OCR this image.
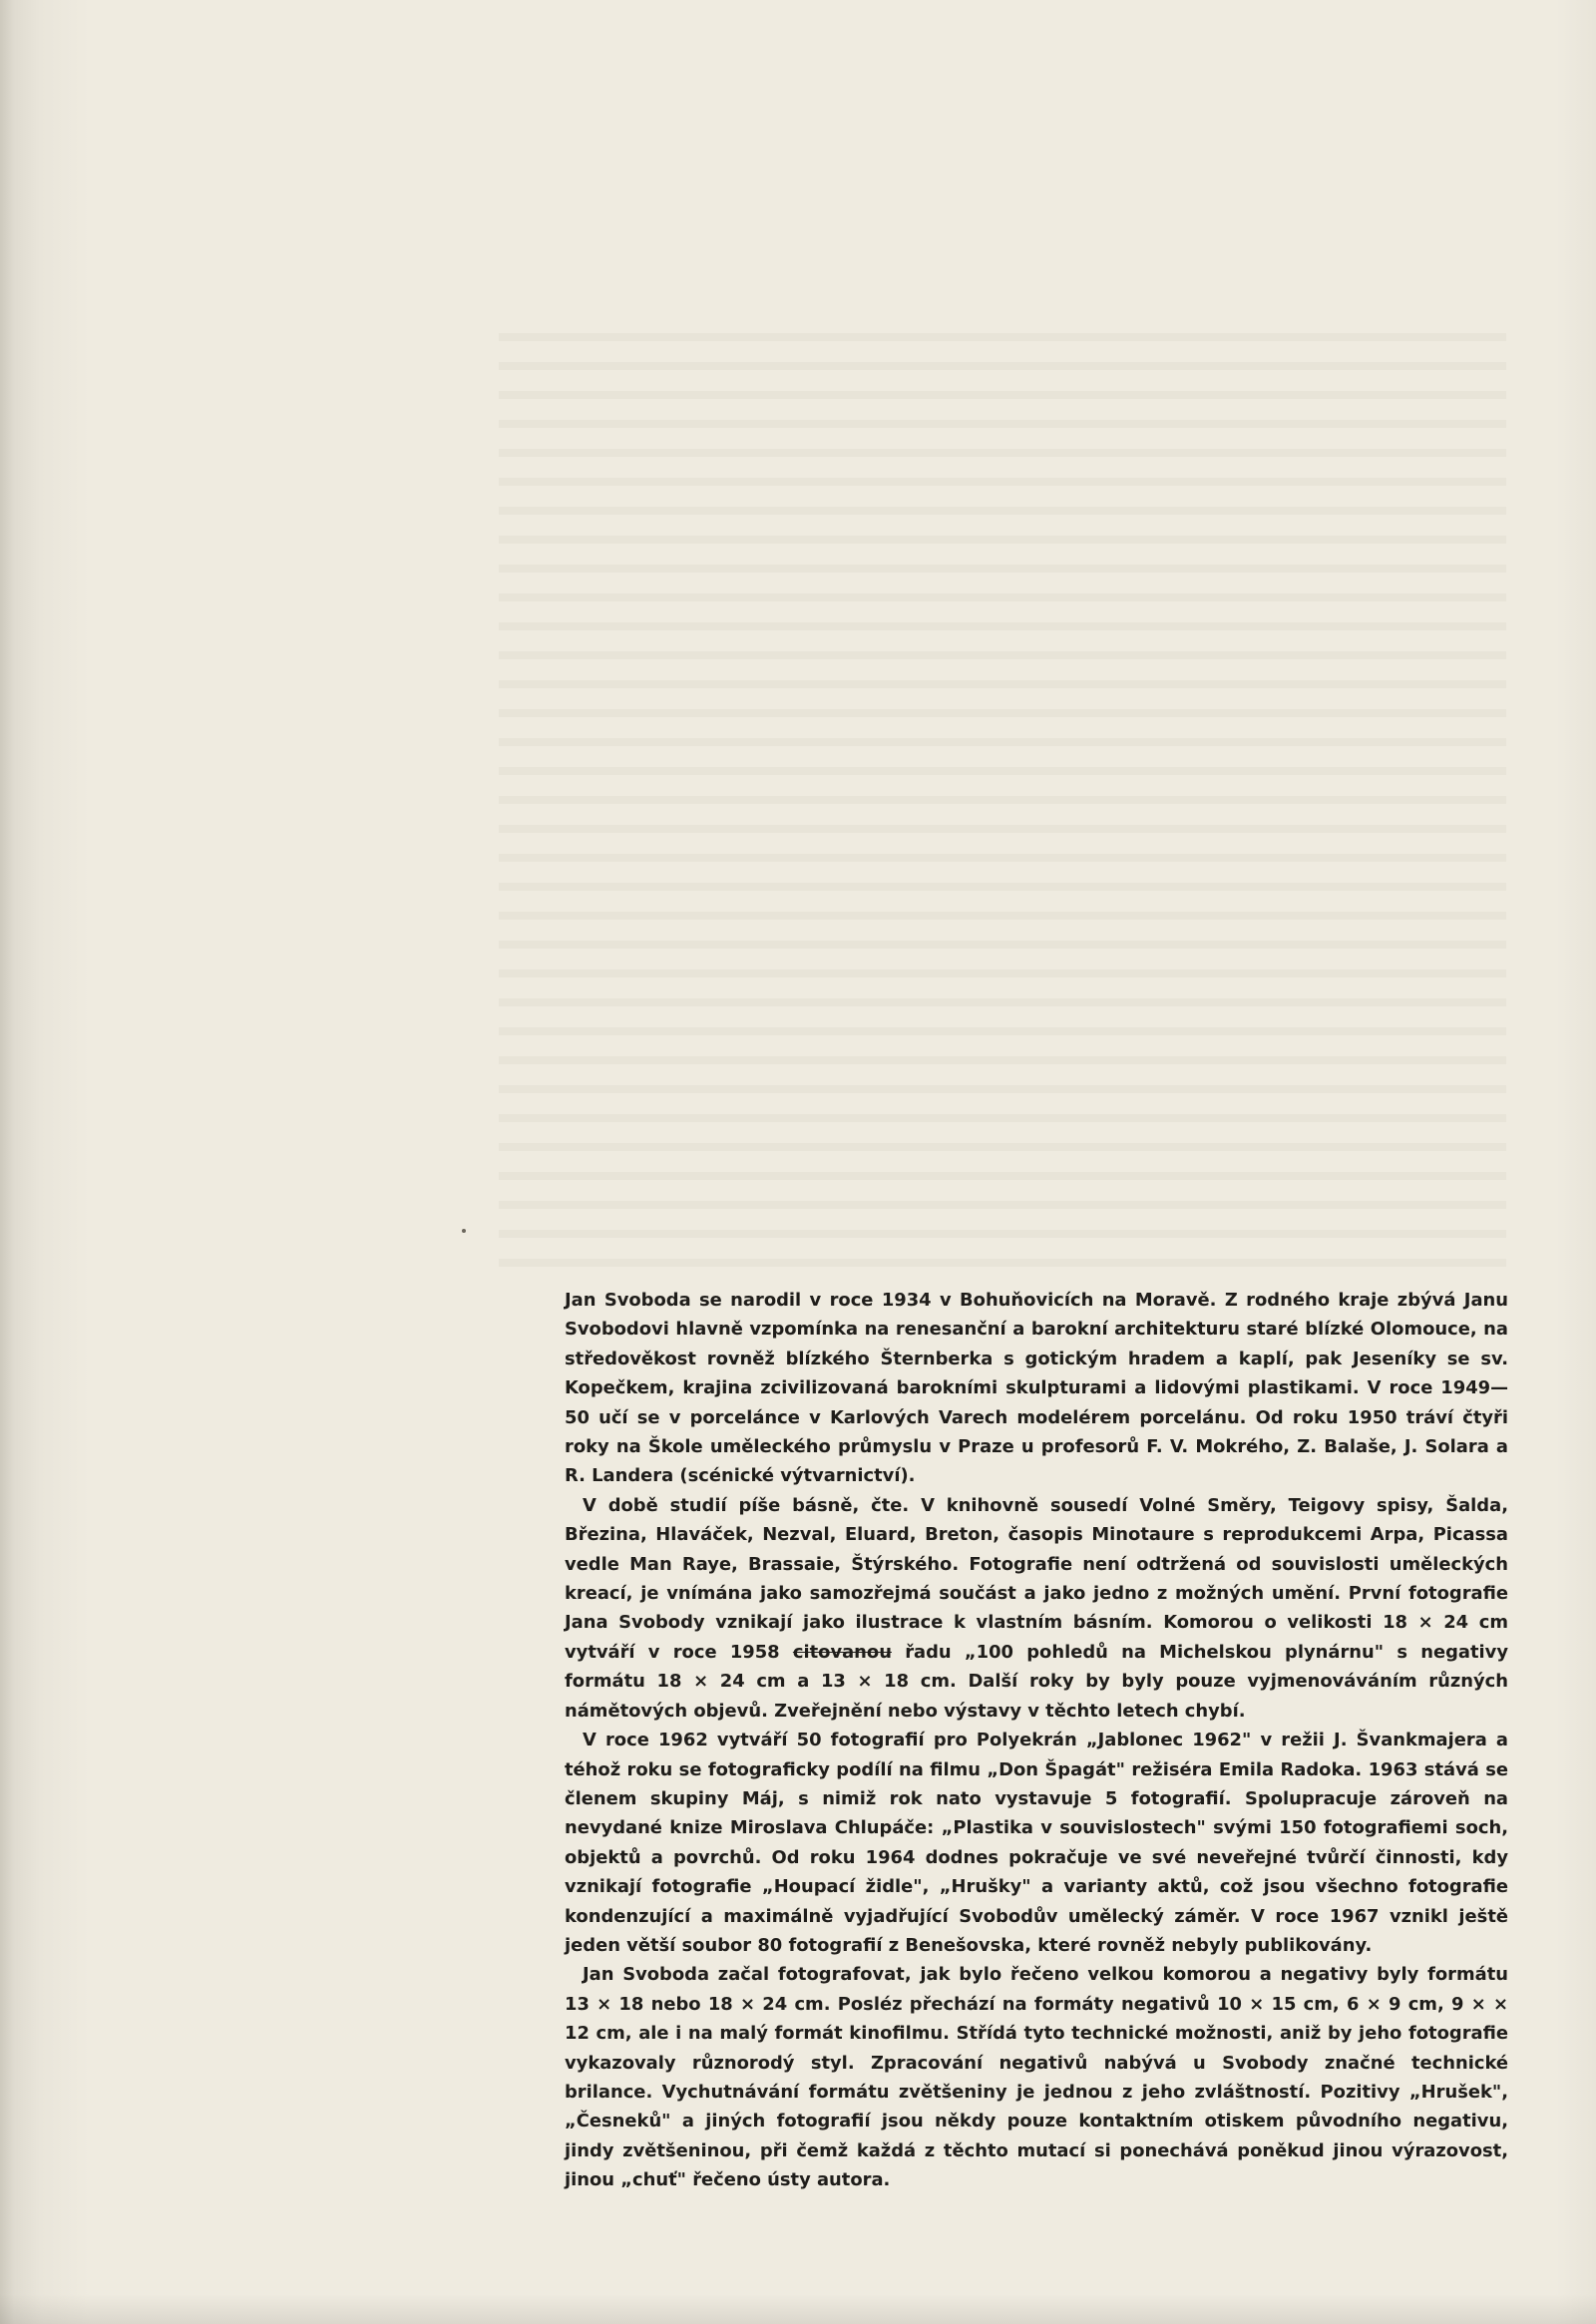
Jan Svoboda se narodil v roce 1934 v Bohuňovicích na Moravě. Z rodného kraje zbývá Janu Svobodovi hlavně vzpomínka na renesanční a barokní architekturu staré blízké Olomouce, na středověkost rovněž blízkého Šternberka s gotickým hradem a kaplí, pak Jeseníky se sv. Kopečkem, krajina zcivilizovaná barokními skulpturami a lidovými plastikami. V roce 1949—50 učí se v porceláncе v Karlových Varech modelérem porcelánu. Od roku 1950 tráví čtyři roky na Škole uměleckého průmyslu v Praze u profesorů F. V. Mokrého, Z. Balaše, J. Solara a R. Landera (scénické výtvarnictví).

V době studií píše básně, čte. V knihovně sousedí Volné Směry, Teigovy spisy, Šalda, Březina, Hlaváček, Nezval, Eluard, Breton, časopis Minotaure s reprodukcemi Arpa, Picassa vedle Man Raye, Brassaie, Štýrského. Fotografie není odtržená od souvislosti uměleckých kreací, je vnímána jako samozřejmá součást a jako jedno z možných umění. První fotografie Jana Svobody vznikají jako ilustrace k vlastním básním. Komorou o velikosti 18 × 24 cm vytváří v roce 1958 citovanou řadu „100 pohledů na Michelskou plynárnu" s negativy formátu 18 × 24 cm a 13 × 18 cm. Další roky by byly pouze vyjmenováváním různých námětových objevů. Zveřejnění nebo výstavy v těchto letech chybí.

V roce 1962 vytváří 50 fotografií pro Polyekrán „Jablonec 1962" v režii J. Švankmajera a téhož roku se fotograficky podílí na filmu „Don Špagát" režiséra Emila Radoka. 1963 stává se členem skupiny Máj, s nimiž rok nato vystavuje 5 fotografií. Spolupracuje zároveň na nevydané knize Miroslava Chlupáče: „Plastika v souvislostech" svými 150 fotografiemi soch, objektů a povrchů. Od roku 1964 dodnes pokračuje ve své neveřejné tvůrčí činnosti, kdy vznikají fotografie „Houpací židle", „Hrušky" a varianty aktů, což jsou všechno fotografie kondenzující a maximálně vyjadřující Svobodův umělecký záměr. V roce 1967 vznikl ještě jeden větší soubor 80 fotografií z Benešovska, které rovněž nebyly publikovány.

Jan Svoboda začal fotografovat, jak bylo řečeno velkou komorou a negativy byly formátu 13 × 18 nebo 18 × 24 cm. Posléz přechází na formáty negativů 10 × 15 cm, 6 × 9 cm, 9 × × 12 cm, ale i na malý formát kinofilmu. Střídá tyto technické možnosti, aniž by jeho fotografie vykazovaly různorodý styl. Zpracování negativů nabývá u Svobody značné technické brilance. Vychutnávání formátu zvětšeniny je jednou z jeho zvláštností. Pozitivy „Hrušek", „Česneků" a jiných fotografií jsou někdy pouze kontaktním otiskem původního negativu, jindy zvětšeninou, při čemž každá z těchto mutací si ponechává poněkud jinou výrazovost, jinou „chuť" řečeno ústy autora.
